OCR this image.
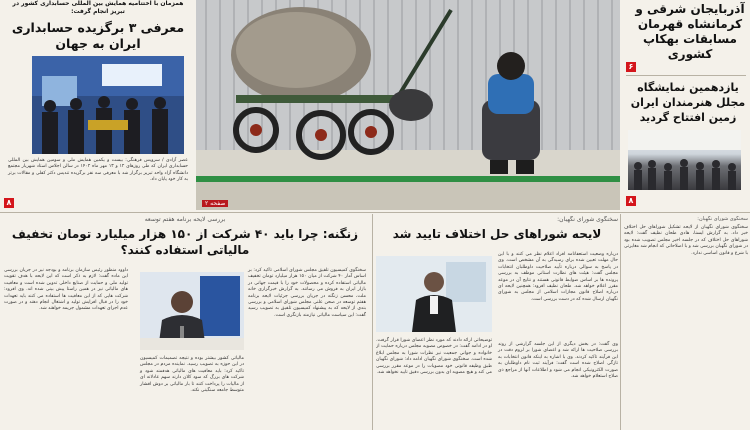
آذربایجان شرقی و کرمانشاه قهرمان مسابقات بهکاپ کشوری
۶
یازدهمین نمایشگاه مجلل هنرمندان ایران زمین افتتاح گردید
۸
همزمان با اختتامیه همایش بین المللی حسابداری کشور در تبریز انجام گرفت:
معرفی ۳ برگزیده حسابداری ایران به جهان

عصر آزادی / سرویس فرهنگی: بیست و یکمین همایش ملی و سومین همایش بین المللی حسابداری ایران که طی روزهای ۱۲ و ۱۳ مهر ماه ۱۴۰۲ در سالن اجلاس استاد شهریار مجتمع دانشگاه آزاد واحد تبریز برگزار شد با معرفی سه نفر برگزیده تندیس دکتر کفلی و مقالات برتر به کار خود پایان داد.

۸	صفحه ۲
سخنگوی شورای نگهبان:

سخنگوی شورای نگهبان از لایحه تشکیل شوراهای حل اختلاف خبر داد. به گزارش ایسنا، هادی طحان نظیف گفت: لایحه شوراهای حل اختلاف که در جلسه اخیر مجلس تصویب شده بود در شورای نگهبان بررسی شد و با اصلاحاتی که انجام شد مغایرتی با شرع و قانون اساسی ندارد.

سخنگوی شورای نگهبان:
لایحه شوراهای حل اختلاف تایید شد

درباره وضعیت استعفانامه افراد اعلام نظر می کنند و با این حال مهلت تعیین شده برای رسیدگی به آن مشخص است. وی در پاسخ به سوالی درباره تأیید صلاحیت داوطلبان انتخابات مجلس گفت: هیئت های نظارت استانی موظف به بررسی پرونده ها بر اساس ضوابط قانونی هستند و نتایج آن در موعد مقرر اعلام خواهد شد. طحان نظیف افزود: همچنین لایحه ای درباره اصلاح قانون مجازات اسلامی از مجلس به شورای نگهبان ارسال شده که در دست بررسی است.

توضیحاتی ارائه دادند که مورد نظر اعضای شورا قرار گرفت. او در ادامه گفت: در خصوص مصوبه مجلس درباره حمایت از خانواده و جوانی جمعیت نیز نظرات شورا به مجلس ابلاغ شده است. سخنگوی شورای نگهبان ادامه داد: شورای نگهبان طبق وظیفه قانونی خود مصوبات را در موعد مقرر بررسی می کند و هیچ مصوبه ای بدون بررسی دقیق تایید نخواهد شد.

وی گفت: در بخش دیگری از این جلسه گزارشی از روند بررسی صلاحیت ها ارائه شد و اعضای شورا بر لزوم دقت در این فرآیند تاکید کردند. وی با اشاره به اینکه قانون انتخابات به تازگی اصلاح شده است گفت: فرآیند ثبت نام داوطلبان به صورت الکترونیکی انجام می شود و اطلاعات آنها از مراجع ذی صلاح استعلام خواهد شد.

بررسی لایحه برنامه هفتم توسعه
زنگنه: چرا باید ۴۰ شرکت از ۱۵۰ هزار میلیارد تومان تخفیف مالیاتی استفاده کنند؟

سخنگوی کمیسیون تلفیق مجلس شورای اسلامی تاکید کرد: بر اساس آمار ۴۰ شرکت از میان ۱۵۰ هزار میلیارد تومان تخفیف مالیاتی استفاده کرده و محصولات خود را با قیمت جهانی در بازار ایران به فروش می رسانند. به گزارش خبرگزاری خانه ملت، محسن زنگنه در جریان بررسی جزئیات لایحه برنامه هفتم توسعه در صحن علنی مجلس شورای اسلامی و بررسی بندی از لایحه که به پیشنهاد کمیسیون تلفیق به تصویب رسید گفت: این سیاست مالیاتی نیازمند بازنگری است.

داوود منظور رئیس سازمان برنامه و بودجه نیز در جریان بررسی این ماده گفت: لازم به ذکر است که این لایحه با هدف تقویت تولید ملی و حمایت از صنایع داخلی تدوین شده است و معافیت های مالیاتی نیز در همین راستا پیش بینی شده اند. وی افزود: شرکت هایی که از این معافیت ها استفاده می کنند باید تعهدات خود را در قبال افزایش تولید و اشتغال انجام دهند و در صورت عدم اجرای تعهدات مشمول جریمه خواهند شد.

مالیاتی کشور بیشتر بوده و نتیجه تصمیمات کمیسیون در این حوزه به تصویب رسید. نماینده مردم در مجلس تاکید کرد: باید معافیت های مالیاتی هدفمند شود و شرکت های بزرگ که سود کلان دارند سهم عادلانه ای از مالیات را پرداخت کنند تا بار مالیاتی بر دوش اقشار متوسط جامعه سنگینی نکند.
